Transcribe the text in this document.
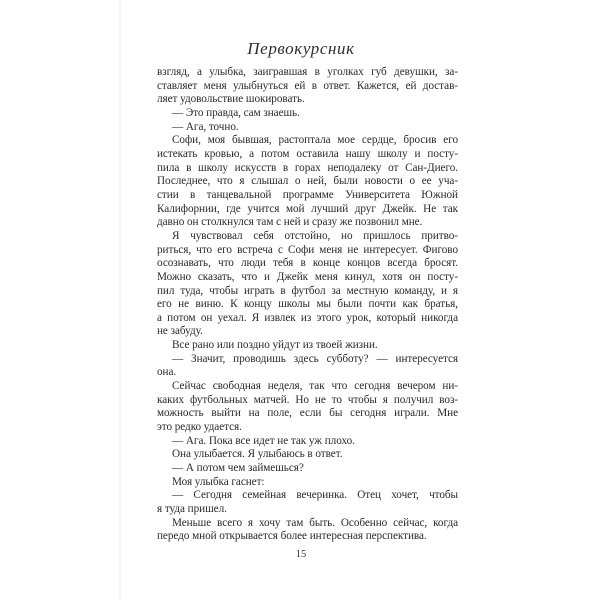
Первокурсник
взгляд, а улыбка, заигравшая в уголках губ девушки, за-
ставляет меня улыбнуться ей в ответ. Кажется, ей достав-
ляет удовольствие шокировать.
— Это правда, сам знаешь.
— Ага, точно.
Софи, моя бывшая, растоптала мое сердце, бросив его
истекать кровью, а потом оставила нашу школу и посту-
пила в школу искусств в горах неподалеку от Сан-Диего.
Последнее, что я слышал о ней, были новости о ее уча-
стии в танцевальной программе Университета Южной
Калифорнии, где учится мой лучший друг Джейк. Не так
давно он столкнулся там с ней и сразу же позвонил мне.
Я чувствовал себя отстойно, но пришлось притво-
риться, что его встреча с Софи меня не интересует. Фигово
осознавать, что люди тебя в конце концов всегда бросят.
Можно сказать, что и Джейк меня кинул, хотя он посту-
пил туда, чтобы играть в футбол за местную команду, и я
его не виню. К концу школы мы были почти как братья,
а потом он уехал. Я извлек из этого урок, который никогда
не забуду.
Все рано или поздно уйдут из твоей жизни.
— Значит, проводишь здесь субботу? — интересуется
она.
Сейчас свободная неделя, так что сегодня вечером ни-
каких футбольных матчей. Но не то чтобы я получил воз-
можность выйти на поле, если бы сегодня играли. Мне
это редко удается.
— Ага. Пока все идет не так уж плохо.
Она улыбается. Я улыбаюсь в ответ.
— А потом чем займешься?
Моя улыбка гаснет:
— Сегодня семейная вечеринка. Отец хочет, чтобы
я туда пришел.
Меньше всего я хочу там быть. Особенно сейчас, когда
передо мной открывается более интересная перспектива.
15
